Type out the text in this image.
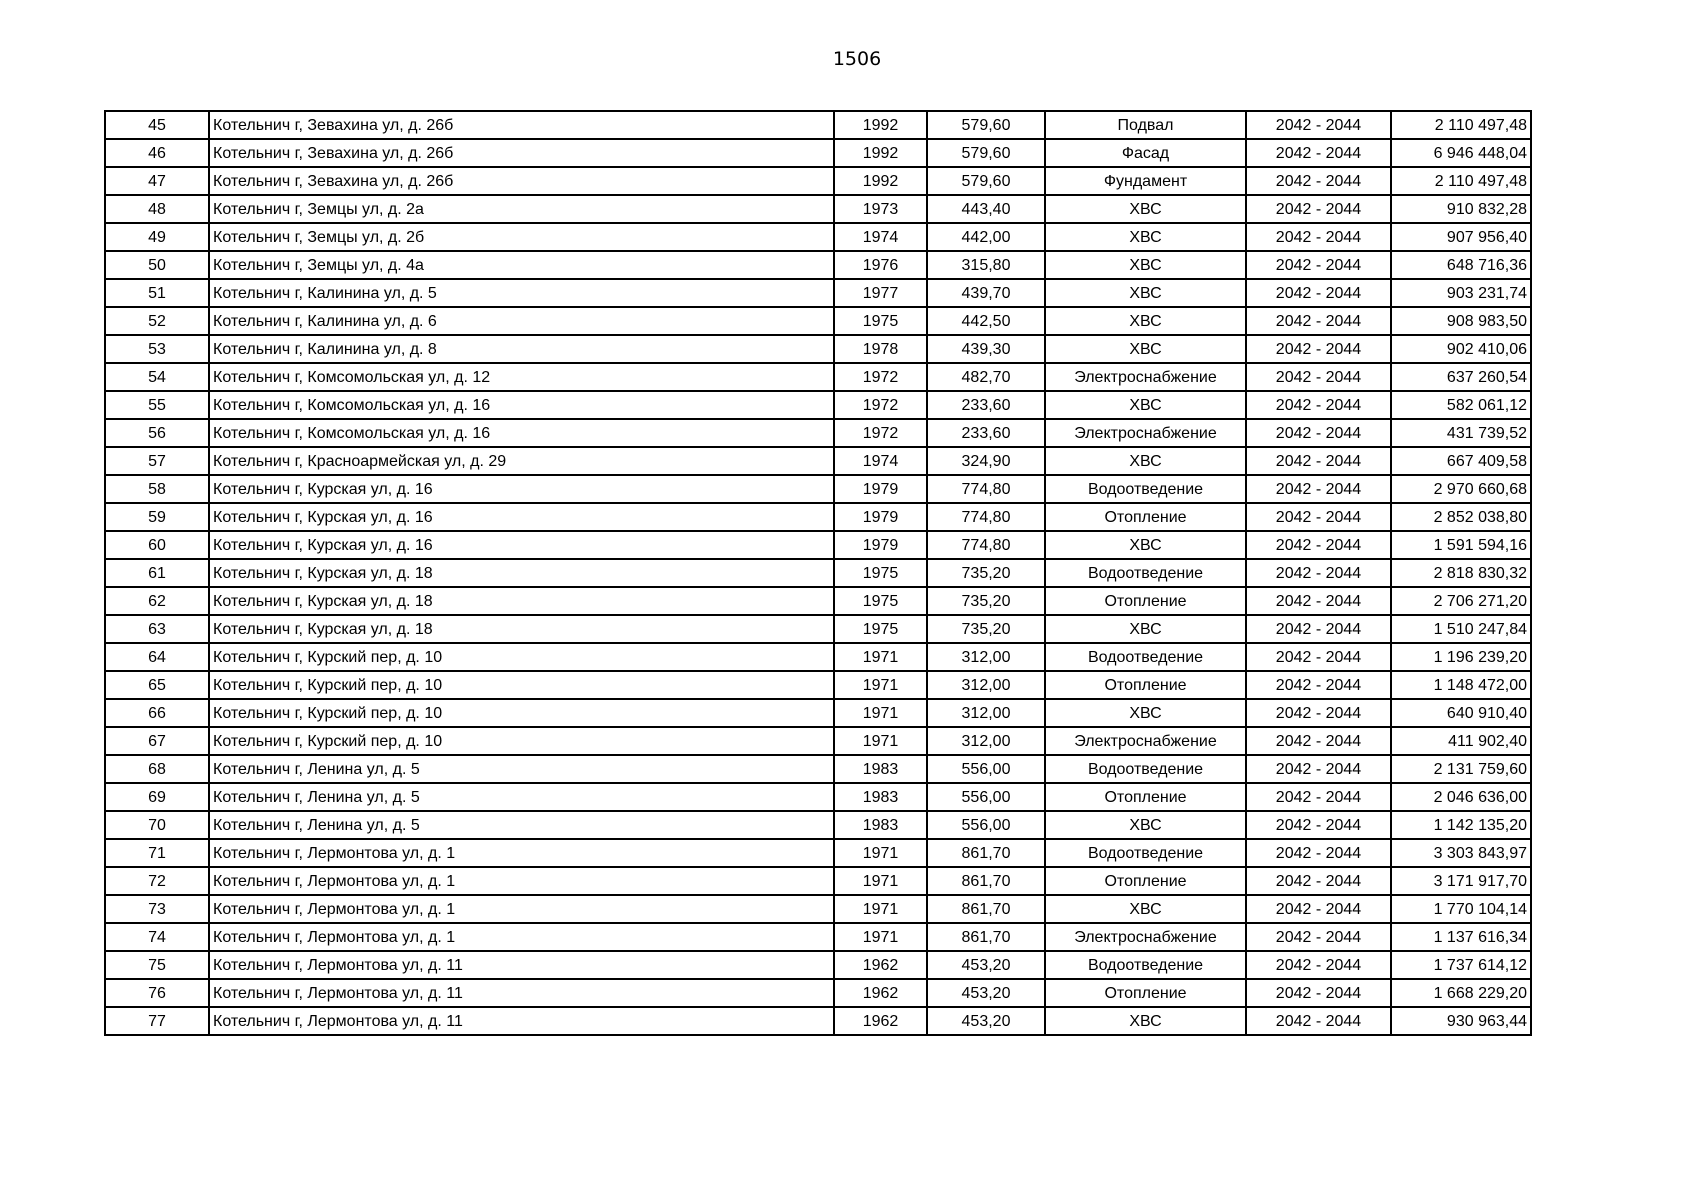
1506
45	Котельнич г, Зевахина ул, д. 26б	1992	579,60	Подвал	2042 - 2044	2 110 497,48
46	Котельнич г, Зевахина ул, д. 26б	1992	579,60	Фасад	2042 - 2044	6 946 448,04
47	Котельнич г, Зевахина ул, д. 26б	1992	579,60	Фундамент	2042 - 2044	2 110 497,48
48	Котельнич г, Земцы ул, д. 2а	1973	443,40	ХВС	2042 - 2044	910 832,28
49	Котельнич г, Земцы ул, д. 2б	1974	442,00	ХВС	2042 - 2044	907 956,40
50	Котельнич г, Земцы ул, д. 4а	1976	315,80	ХВС	2042 - 2044	648 716,36
51	Котельнич г, Калинина ул, д. 5	1977	439,70	ХВС	2042 - 2044	903 231,74
52	Котельнич г, Калинина ул, д. 6	1975	442,50	ХВС	2042 - 2044	908 983,50
53	Котельнич г, Калинина ул, д. 8	1978	439,30	ХВС	2042 - 2044	902 410,06
54	Котельнич г, Комсомольская ул, д. 12	1972	482,70	Электроснабжение	2042 - 2044	637 260,54
55	Котельнич г, Комсомольская ул, д. 16	1972	233,60	ХВС	2042 - 2044	582 061,12
56	Котельнич г, Комсомольская ул, д. 16	1972	233,60	Электроснабжение	2042 - 2044	431 739,52
57	Котельнич г, Красноармейская ул, д. 29	1974	324,90	ХВС	2042 - 2044	667 409,58
58	Котельнич г, Курская ул, д. 16	1979	774,80	Водоотведение	2042 - 2044	2 970 660,68
59	Котельнич г, Курская ул, д. 16	1979	774,80	Отопление	2042 - 2044	2 852 038,80
60	Котельнич г, Курская ул, д. 16	1979	774,80	ХВС	2042 - 2044	1 591 594,16
61	Котельнич г, Курская ул, д. 18	1975	735,20	Водоотведение	2042 - 2044	2 818 830,32
62	Котельнич г, Курская ул, д. 18	1975	735,20	Отопление	2042 - 2044	2 706 271,20
63	Котельнич г, Курская ул, д. 18	1975	735,20	ХВС	2042 - 2044	1 510 247,84
64	Котельнич г, Курский пер, д. 10	1971	312,00	Водоотведение	2042 - 2044	1 196 239,20
65	Котельнич г, Курский пер, д. 10	1971	312,00	Отопление	2042 - 2044	1 148 472,00
66	Котельнич г, Курский пер, д. 10	1971	312,00	ХВС	2042 - 2044	640 910,40
67	Котельнич г, Курский пер, д. 10	1971	312,00	Электроснабжение	2042 - 2044	411 902,40
68	Котельнич г, Ленина ул, д. 5	1983	556,00	Водоотведение	2042 - 2044	2 131 759,60
69	Котельнич г, Ленина ул, д. 5	1983	556,00	Отопление	2042 - 2044	2 046 636,00
70	Котельнич г, Ленина ул, д. 5	1983	556,00	ХВС	2042 - 2044	1 142 135,20
71	Котельнич г, Лермонтова ул, д. 1	1971	861,70	Водоотведение	2042 - 2044	3 303 843,97
72	Котельнич г, Лермонтова ул, д. 1	1971	861,70	Отопление	2042 - 2044	3 171 917,70
73	Котельнич г, Лермонтова ул, д. 1	1971	861,70	ХВС	2042 - 2044	1 770 104,14
74	Котельнич г, Лермонтова ул, д. 1	1971	861,70	Электроснабжение	2042 - 2044	1 137 616,34
75	Котельнич г, Лермонтова ул, д. 11	1962	453,20	Водоотведение	2042 - 2044	1 737 614,12
76	Котельнич г, Лермонтова ул, д. 11	1962	453,20	Отопление	2042 - 2044	1 668 229,20
77	Котельнич г, Лермонтова ул, д. 11	1962	453,20	ХВС	2042 - 2044	930 963,44
